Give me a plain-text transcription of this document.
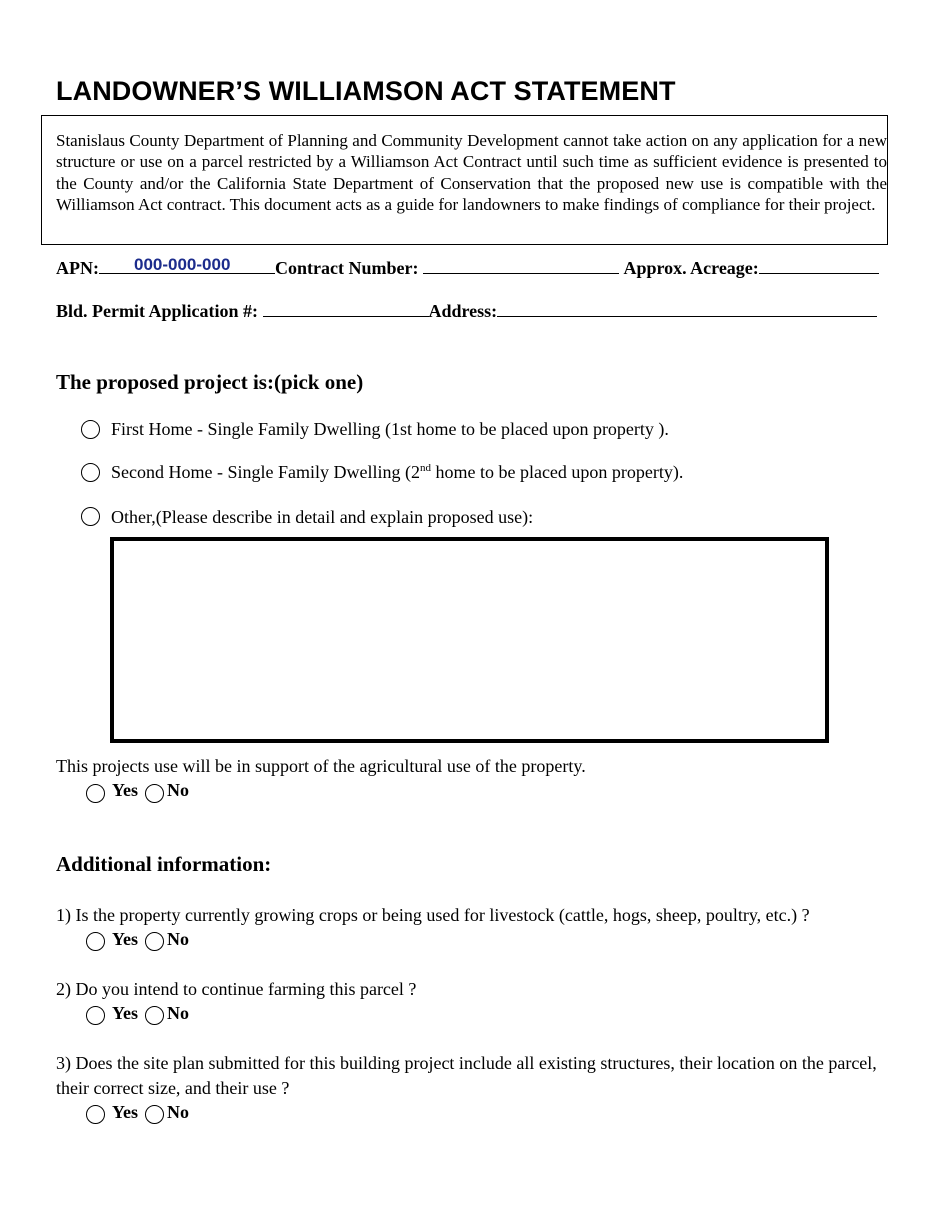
LANDOWNER’S WILLIAMSON ACT STATEMENT
Stanislaus County Department of Planning and Community Development cannot take action on any application for a new structure or use on a parcel restricted by a Williamson Act Contract until such time as sufficient evidence is presented to the County and/or the California State Department of Conservation that the proposed new use is compatible with the Williamson Act contract. This document acts as a guide for landowners to make findings of compliance for their project.
APN: 000-000-000 Contract Number:	Approx. Acreage:
Bld. Permit Application #:	Address:
The proposed project is:(pick one)
First Home - Single Family Dwelling (1st home to be placed upon property ).
Second Home - Single Family Dwelling (2nd home to be placed upon property).
Other,(Please describe in detail and explain proposed use):
This projects use will be in support of the agricultural use of the property.
Yes No
Additional information:
1) Is the property currently growing crops or being used for livestock (cattle, hogs, sheep, poultry, etc.) ?
Yes No
2) Do you intend to continue farming this parcel ?
Yes No
3) Does the site plan submitted for this building project include all existing structures, their location on the parcel,
their correct size, and their use ?
Yes No
